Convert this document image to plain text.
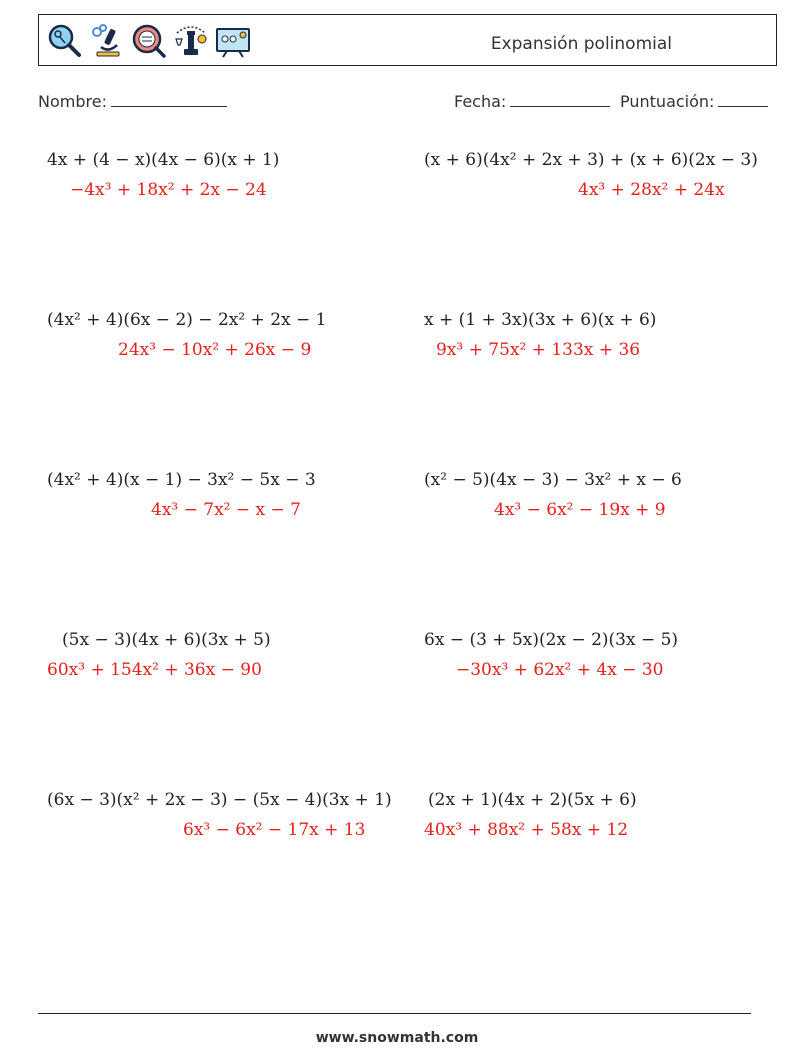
Expansión polinomial
Nombre:	Fecha:	Puntuación:
4x + (4 − x)(4x − 6)(x + 1)
−4x³ + 18x² + 2x − 24
(x + 6)(4x² + 2x + 3) + (x + 6)(2x − 3)
4x³ + 28x² + 24x
(4x² + 4)(6x − 2) − 2x² + 2x − 1
24x³ − 10x² + 26x − 9
x + (1 + 3x)(3x + 6)(x + 6)
9x³ + 75x² + 133x + 36
(4x² + 4)(x − 1) − 3x² − 5x − 3
4x³ − 7x² − x − 7
(x² − 5)(4x − 3) − 3x² + x − 6
4x³ − 6x² − 19x + 9
(5x − 3)(4x + 6)(3x + 5)
60x³ + 154x² + 36x − 90
6x − (3 + 5x)(2x − 2)(3x − 5)
−30x³ + 62x² + 4x − 30
(6x − 3)(x² + 2x − 3) − (5x − 4)(3x + 1)
6x³ − 6x² − 17x + 13
(2x + 1)(4x + 2)(5x + 6)
40x³ + 88x² + 58x + 12
www.snowmath.com
